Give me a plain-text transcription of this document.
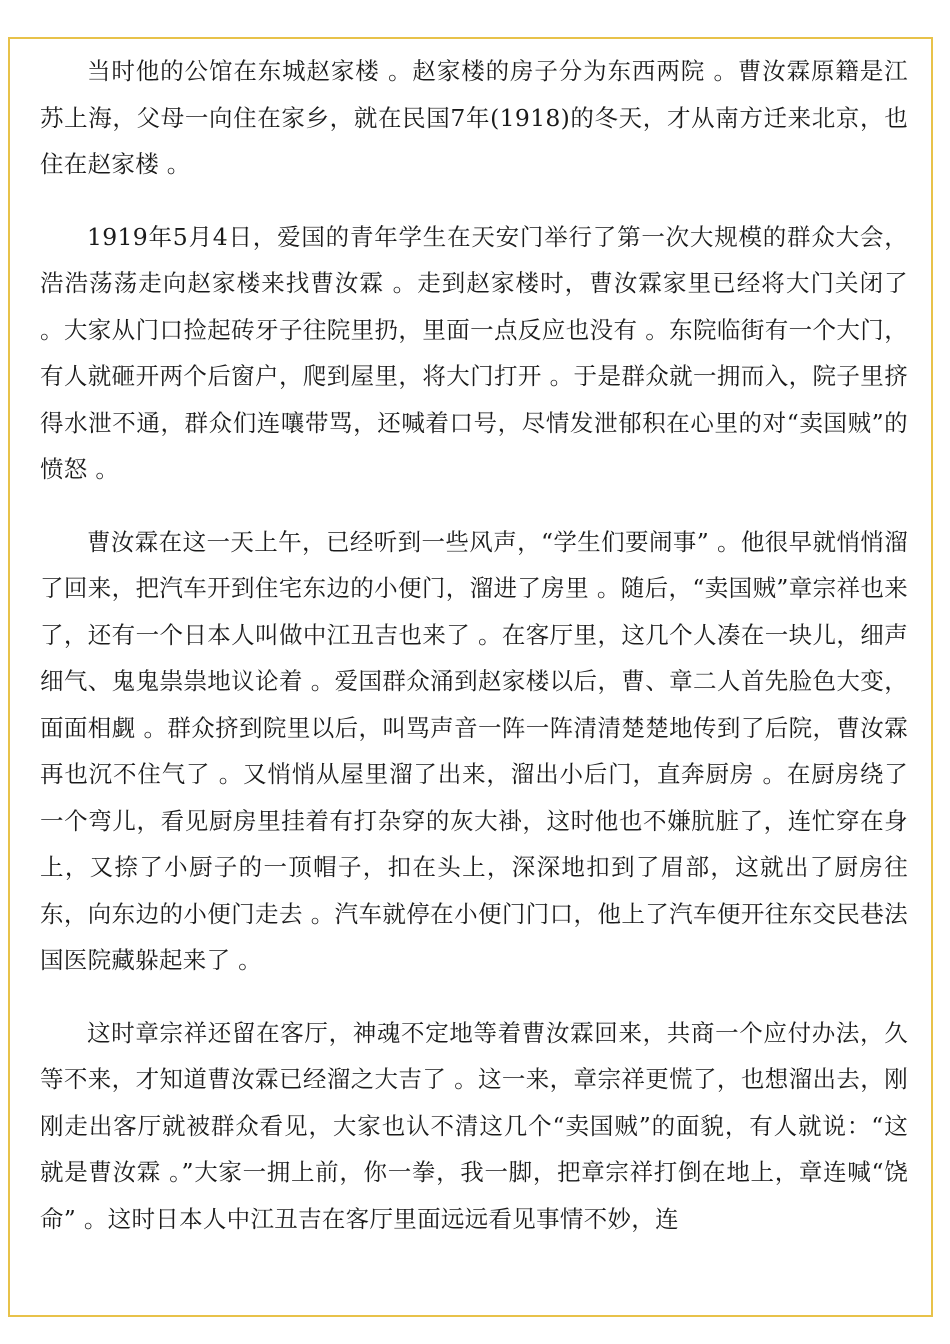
当时他的公馆在东城赵家楼 。赵家楼的房子分为东西两院 。曹汝霖原籍是江苏上海，父母一向住在家乡，就在民国7年(1918)的冬天，才从南方迁来北京，也住在赵家楼 。

1919年5月4日，爱国的青年学生在天安门举行了第一次大规模的群众大会，浩浩荡荡走向赵家楼来找曹汝霖 。走到赵家楼时，曹汝霖家里已经将大门关闭了 。大家从门口捡起砖牙子往院里扔，里面一点反应也没有 。东院临街有一个大门，有人就砸开两个后窗户，爬到屋里，将大门打开 。于是群众就一拥而入，院子里挤得水泄不通，群众们连嚷带骂，还喊着口号，尽情发泄郁积在心里的对“卖国贼”的愤怒 。

曹汝霖在这一天上午，已经听到一些风声，“学生们要闹事” 。他很早就悄悄溜了回来，把汽车开到住宅东边的小便门，溜进了房里 。随后，“卖国贼”章宗祥也来了，还有一个日本人叫做中江丑吉也来了 。在客厅里，这几个人凑在一块儿，细声细气、鬼鬼祟祟地议论着 。爱国群众涌到赵家楼以后，曹、章二人首先脸色大变，面面相觑 。群众挤到院里以后，叫骂声音一阵一阵清清楚楚地传到了后院，曹汝霖再也沉不住气了 。又悄悄从屋里溜了出来，溜出小后门，直奔厨房 。在厨房绕了一个弯儿，看见厨房里挂着有打杂穿的灰大褂，这时他也不嫌肮脏了，连忙穿在身上，又捺了小厨子的一顶帽子，扣在头上，深深地扣到了眉部，这就出了厨房往东，向东边的小便门走去 。汽车就停在小便门门口，他上了汽车便开往东交民巷法国医院藏躲起来了 。

这时章宗祥还留在客厅，神魂不定地等着曹汝霖回来，共商一个应付办法，久等不来，才知道曹汝霖已经溜之大吉了 。这一来，章宗祥更慌了，也想溜出去，刚刚走出客厅就被群众看见，大家也认不清这几个“卖国贼”的面貌，有人就说：“这就是曹汝霖 。”大家一拥上前，你一拳，我一脚，把章宗祥打倒在地上，章连喊“饶命” 。这时日本人中江丑吉在客厅里面远远看见事情不妙，连
